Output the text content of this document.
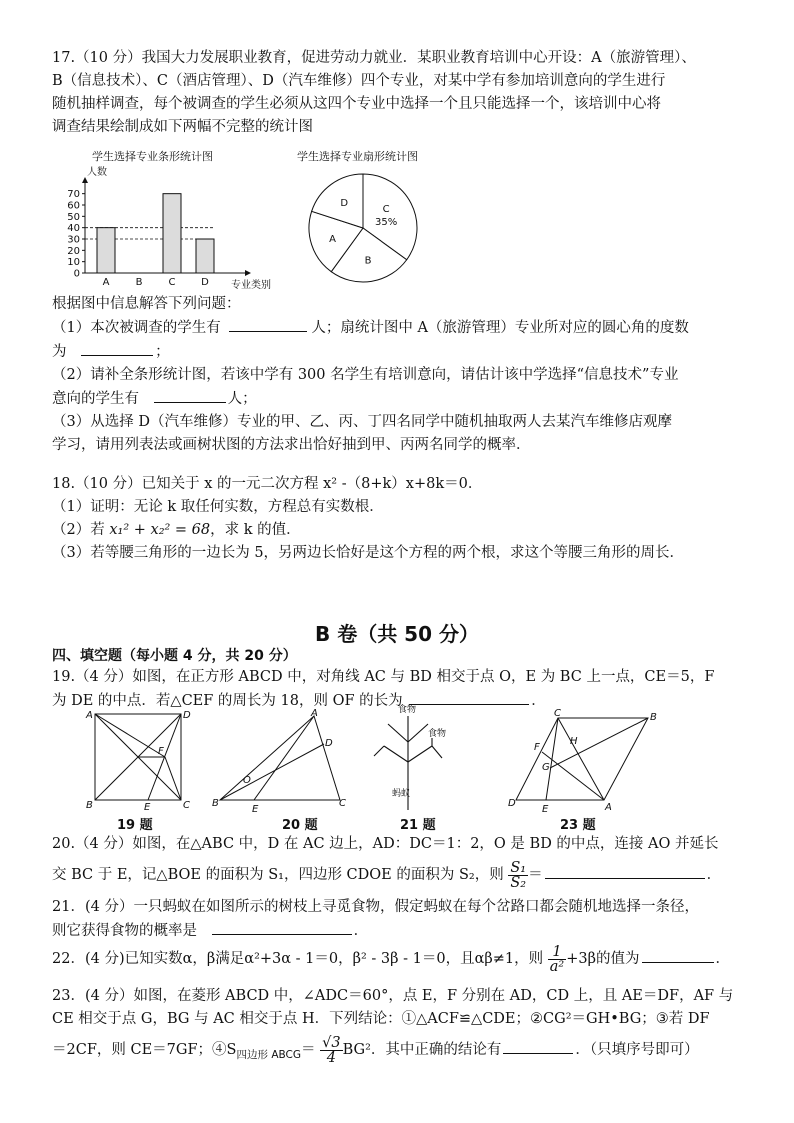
17.（10 分）我国大力发展职业教育，促进劳动力就业．某职业教育培训中心开设：A（旅游管理）、
B（信息技术）、C（酒店管理）、D（汽车维修）四个专业，对某中学有参加培训意向的学生进行
随机抽样调查，每个被调查的学生必须从这四个专业中选择一个且只能选择一个，该培训中心将
调查结果绘制成如下两幅不完整的统计图
学生选择专业条形统计图
人数
0
10
20
30
40
50
60
70
A	B	C	D 专业类别
学生选择专业扇形统计图
C
35%
B
A
D
根据图中信息解答下列问题：
（1）本次被调查的学生有	人；扇统计图中 A（旅游管理）专业所对应的圆心角的度数
为	；
（2）请补全条形统计图，若该中学有 300 名学生有培训意向，请估计该中学选择“信息技术”专业
意向的学生有	人；
（3）从选择 D（汽车维修）专业的甲、乙、丙、丁四名同学中随机抽取两人去某汽车维修店观摩
学习，请用列表法或画树状图的方法求出恰好抽到甲、丙两名同学的概率．
18.（10 分）已知关于 x 的一元二次方程 x² -（8+k）x+8k＝0．
（1）证明：无论 k 取任何实数，方程总有实数根．
（2）若 x₁² + x₂² = 68，求 k 的值．
（3）若等腰三角形的一边长为 5，另两边长恰好是这个方程的两个根，求这个等腰三角形的周长．
B 卷（共 50 分）
四、填空题（每小题 4 分，共 20 分）
19.（4 分）如图，在正方形 ABCD 中，对角线 AC 与 BD 相交于点 O，E 为 BC 上一点，CE＝5，F
为 DE 的中点．若△CEF 的周长为 18，则 OF 的长为	．
A	D
B	C
E
F
19 题
A
D
O
B
E
C
20 题
食物
食物
蚂蚁
21 题
C	B
F
H
G
D
E	A
23 题
20.（4 分）如图，在△ABC 中，D 在 AC 边上，AD：DC＝1：2，O 是 BD 的中点，连接 AO 并延长
交 BC 于 E，记△BOE 的面积为 S₁，四边形 CDOE 的面积为 S₂，则 $\frac{\text{S₁}}{\text{S₂}}$ ＝	．
21．(4 分）一只蚂蚁在如图所示的树枝上寻觅食物，假定蚂蚁在每个岔路口都会随机地选择一条径，
则它获得食物的概率是	．
22．(4 分)已知实数α，β满足α²+3α - 1＝0，β² - 3β - 1＝0，且αβ≠1，则 $\frac{1}{\text{a²}} +3\beta$的值为	．
23．(4 分）如图，在菱形 ABCD 中，∠ADC＝60°，点 E，F 分别在 AD，CD 上，且 AE＝DF，AF 与
CE 相交于点 G，BG 与 AC 相交于点 H．下列结论：①△ACF≌△CDE；②CG²＝GH•BG；③若 DF
＝2CF，则 CE＝7GF；$④S_{四边形 ABCG}= \frac{√3}{4} BG^2$．其中正确的结论有	．（只填序号即可）
